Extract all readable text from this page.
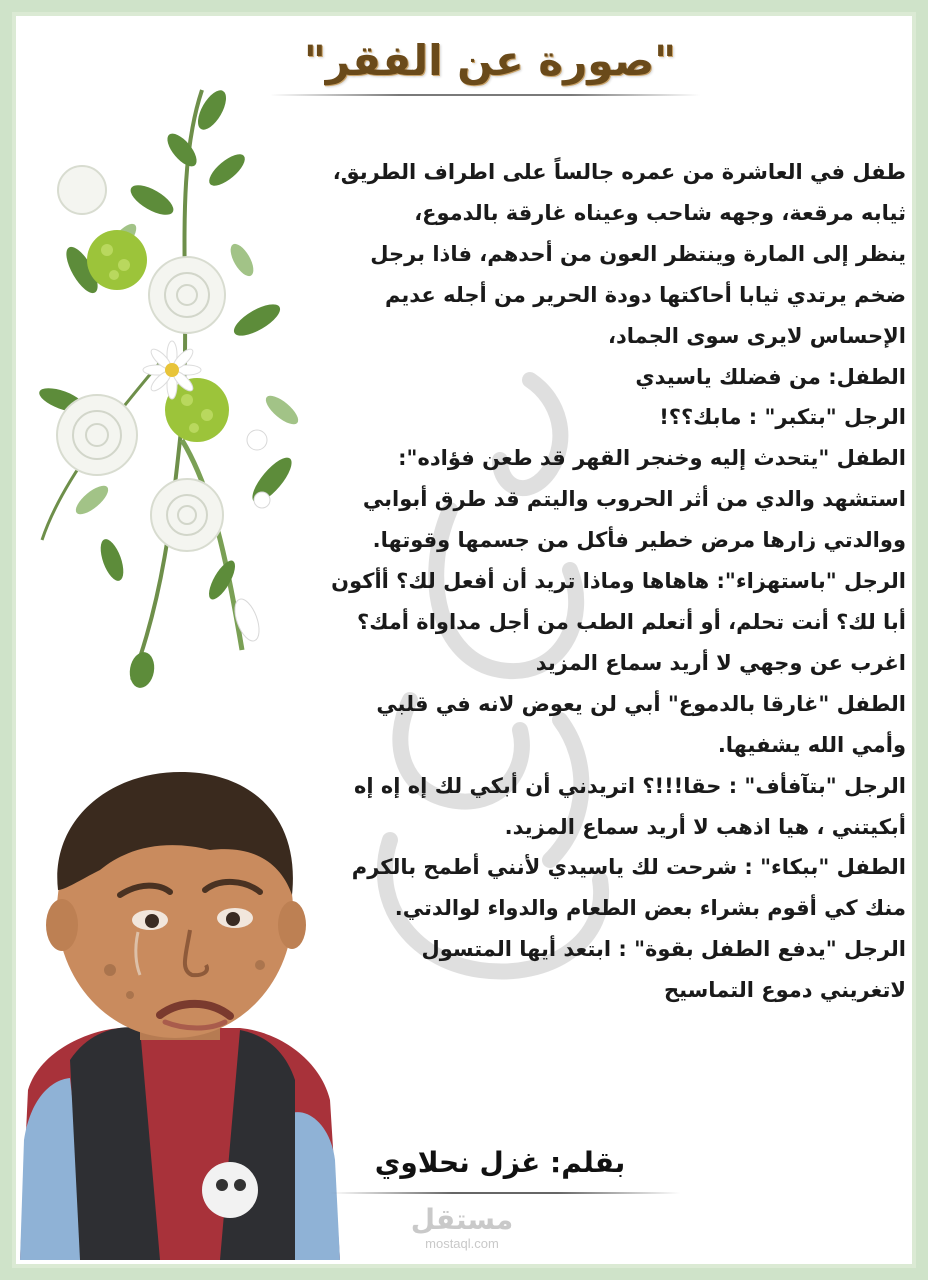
"صورة عن الفقر"
طفل في العاشرة من عمره جالساً على اطراف الطريق،
ثيابه مرقعة، وجهه شاحب وعيناه غارقة بالدموع،
ينظر إلى المارة وينتظر العون من أحدهم، فاذا برجل
ضخم يرتدي ثيابا أحاكتها دودة الحرير من أجله عديم
الإحساس لايرى سوى الجماد،
الطفل: من فضلك ياسيدي
الرجل "بتكبر" : مابك؟؟!
الطفل "يتحدث إليه وخنجر القهر قد طعن فؤاده":
استشهد والدي من أثر الحروب واليتم قد طرق أبوابي
ووالدتي زارها مرض خطير فأكل من جسمها وقوتها.
الرجل "باستهزاء": هاهاها وماذا تريد أن أفعل لك؟ أأكون
أبا لك؟ أنت تحلم، أو أتعلم الطب من أجل مداواة أمك؟
اغرب عن وجهي لا أريد سماع المزيد
الطفل "غارقا بالدموع" أبي لن يعوض لانه في قلبي
وأمي الله يشفيها.
الرجل "بتآفأف" : حقا!!!؟ اتريدني أن أبكي لك إه إه إه
أبكيتني ، هيا اذهب لا أريد سماع المزيد.
الطفل "ببكاء" : شرحت لك ياسيدي لأنني أطمح بالكرم
منك كي أقوم بشراء بعض الطعام والدواء لوالدتي.
الرجل "يدفع الطفل بقوة" : ابتعد أيها المتسول
لاتغريني دموع التماسيح
بقلم: غزل نحلاوي
مستقل
mostaql.com
